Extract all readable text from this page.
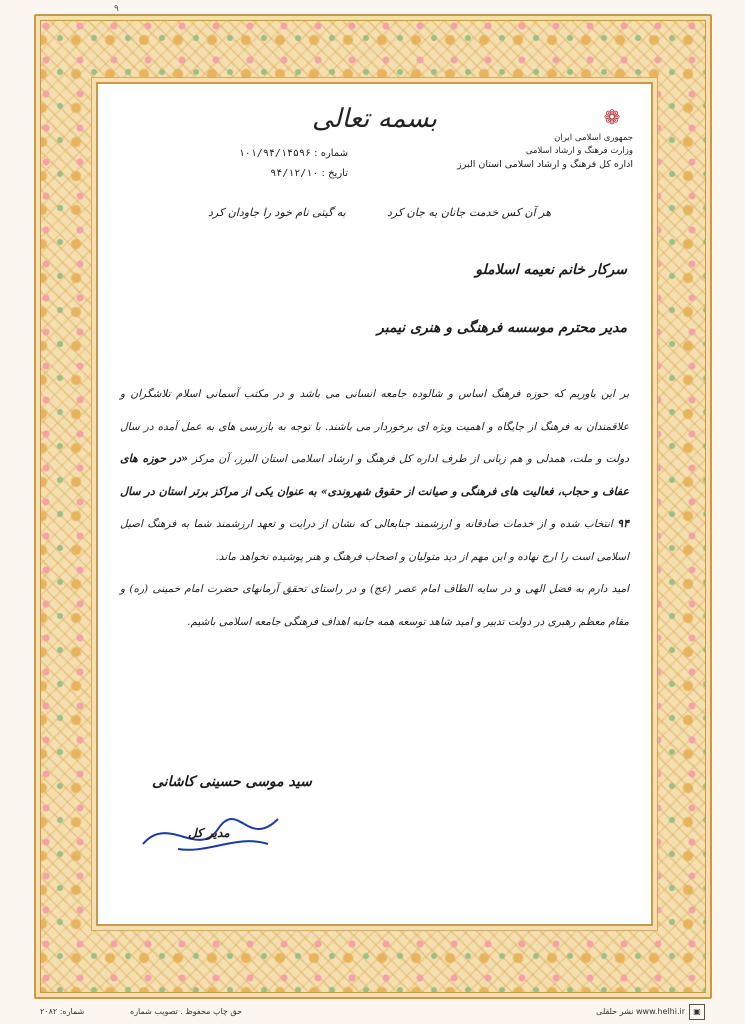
۹
بسمه تعالی	❁
جمهوری اسلامی ایران
وزارت فرهنگ و ارشاد اسلامی
اداره کل فرهنگ و ارشاد اسلامی استان البرز
شماره : ۱۰۱/۹۴/۱۴۵۹۶
تاریخ : ۹۴/۱۲/۱۰
هر آن کس خدمت جانان به جان کرد
به گیتی نام خود را جاودان کرد
سرکار خانم نعیمه اسلاملو
مدیر محترم موسسه فرهنگی و هنری نیمبر

بر این باوریم که حوزه فرهنگ اساس و شالوده جامعه انسانی می باشد و در مکتب آسمانی اسلام تلاشگران و علاقمندان به فرهنگ از جایگاه و اهمیت ویژه ای برخوردار می باشند. با توجه به بازرسی های به عمل آمده در سال دولت و ملت، همدلی و هم زبانی از طرف اداره کل فرهنگ و ارشاد اسلامی استان البرز، آن مرکز «در حوزه های عفاف و حجاب، فعالیت های فرهنگی و صیانت از حقوق شهروندی» به عنوان یکی از مراکز برتر استان در سال ۹۴ انتخاب شده و از خدمات صادقانه و ارزشمند جنابعالی که نشان از درایت و تعهد ارزشمند شما به فرهنگ اصیل اسلامی است را ارج نهاده و این مهم از دید متولیان و اصحاب فرهنگ و هنر پوشیده نخواهد ماند.

امید دارم به فضل الهی و در سایه الطاف امام عصر (عج) و در راستای تحقق آرمانهای حضرت امام خمینی (ره) و مقام معظم رهبری در دولت تدبیر و امید شاهد توسعه همه جانبه اهداف فرهنگی جامعه اسلامی باشیم.

سید موسی حسینی کاشانی
مدیر کل
شماره: ۲۰۸۲	حق چاپ محفوظ . تصویب شماره	نشر حلقلی www.helhi.ir	▣
